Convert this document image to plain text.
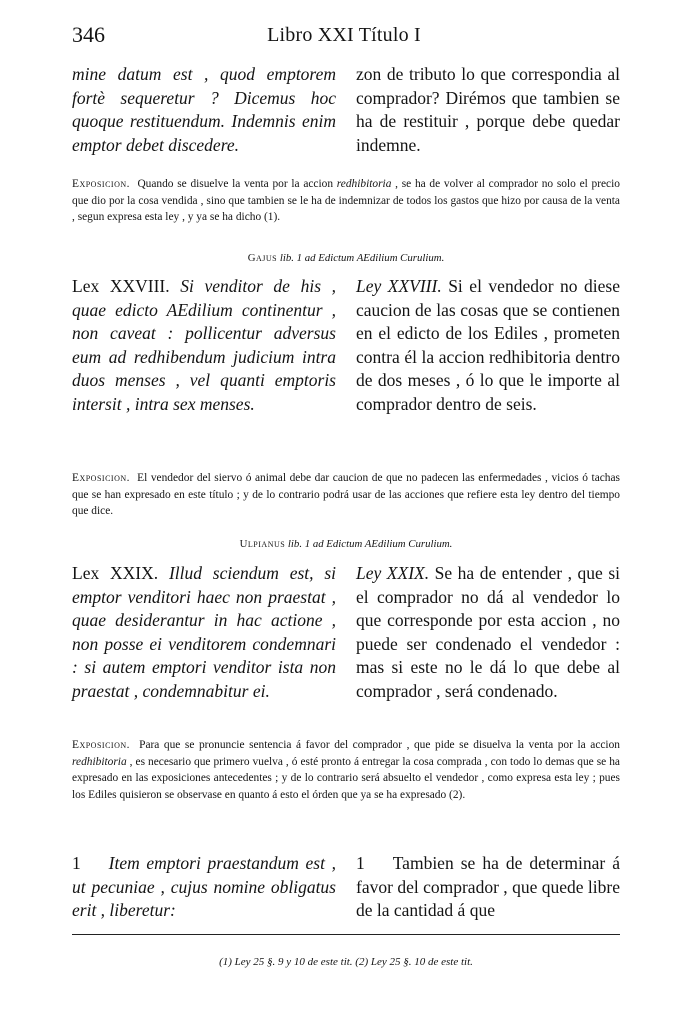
346	Libro XXI Título I
mine datum est , quod emptorem fortè sequeretur ? Dicemus hoc quoque restituendum. Indemnis enim emptor debet discedere.
zon de tributo lo que correspondia al comprador? Dirémos que tambien se ha de restituir , porque debe quedar indemne.
Exposicion. Quando se disuelve la venta por la accion redhibitoria , se ha de volver al comprador no solo el precio que dio por la cosa vendida , sino que tambien se le ha de indemnizar de todos los gastos que hizo por causa de la venta , segun expresa esta ley , y ya se ha dicho (1).
Gajus lib. 1 ad Edictum AEdilium Curulium.
Lex XXVIII. Si venditor de his , quae edicto AEdilium continentur , non caveat : pollicentur adversus eum ad redhibendum judicium intra duos menses , vel quanti emptoris intersit , intra sex menses.
Ley XXVIII. Si el vendedor no diese caucion de las cosas que se contienen en el edicto de los Ediles , prometen contra él la accion redhibitoria dentro de dos meses , ó lo que le importe al comprador dentro de seis.
Exposicion. El vendedor del siervo ó animal debe dar caucion de que no padecen las enfermedades , vicios ó tachas que se han expresado en este título ; y de lo contrario podrá usar de las acciones que refiere esta ley dentro del tiempo que dice.
Ulpianus lib. 1 ad Edictum AEdilium Curulium.
Lex XXIX. Illud sciendum est, si emptor venditori haec non praestat , quae desiderantur in hac actione , non posse ei venditorem condemnari : si autem emptori venditor ista non praestat , condemnabitur ei.
Ley XXIX. Se ha de entender , que si el comprador no dá al vendedor lo que corresponde por esta accion , no puede ser condenado el vendedor : mas si este no le dá lo que debe al comprador , será condenado.
Exposicion. Para que se pronuncie sentencia á favor del comprador , que pide se disuelva la venta por la accion redhibitoria , es necesario que primero vuelva , ó esté pronto á entregar la cosa comprada , con todo lo demas que se ha expresado en las exposiciones antecedentes ; y de lo contrario será absuelto el vendedor , como expresa esta ley ; pues los Ediles quisieron se observase en quanto á esto el órden que ya se ha expresado (2).
1 Item emptori praestandum est , ut pecuniae , cujus nomine obligatus erit , liberetur:
1 Tambien se ha de determinar á favor del comprador , que quede libre de la cantidad á que
(1) Ley 25 §. 9 y 10 de este tit. (2) Ley 25 §. 10 de este tit.
